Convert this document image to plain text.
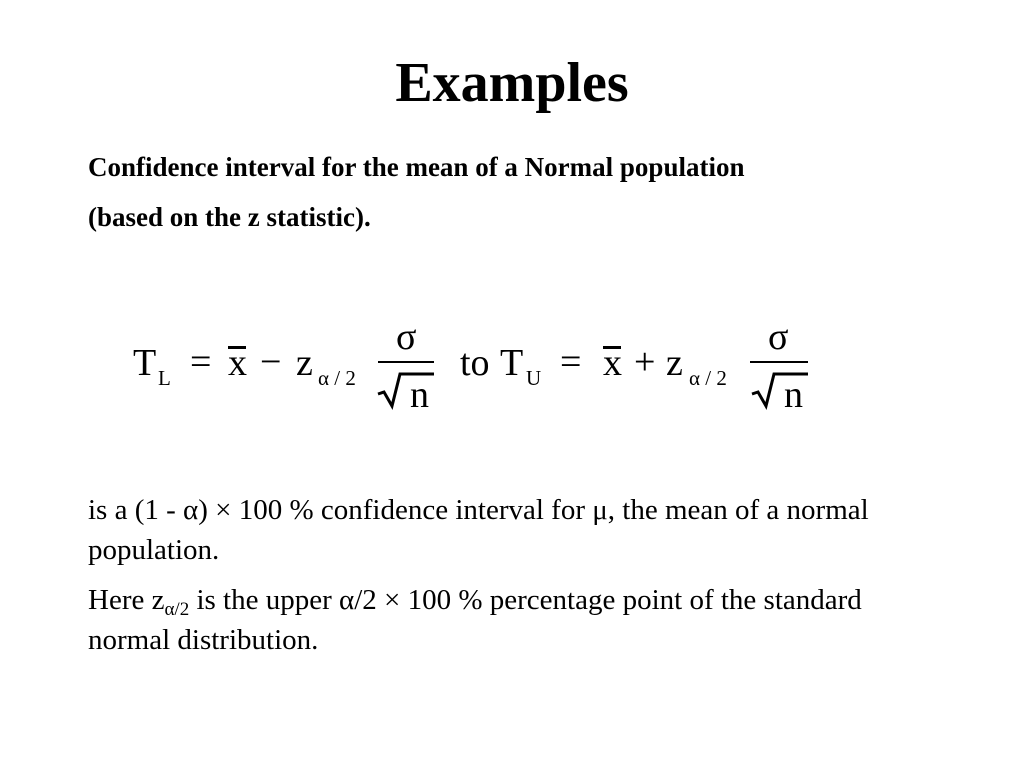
Examples
Confidence interval for the mean of a Normal population
(based on the z statistic).
T L = x − z α / 2
σ
n
to T U = x + z α / 2
σ
n
is a (1 - α) × 100 % confidence interval for μ, the mean of a normal population.
Here $z_{\alpha/2}$ is the upper α/2 × 100 % percentage point of the standard normal distribution.
